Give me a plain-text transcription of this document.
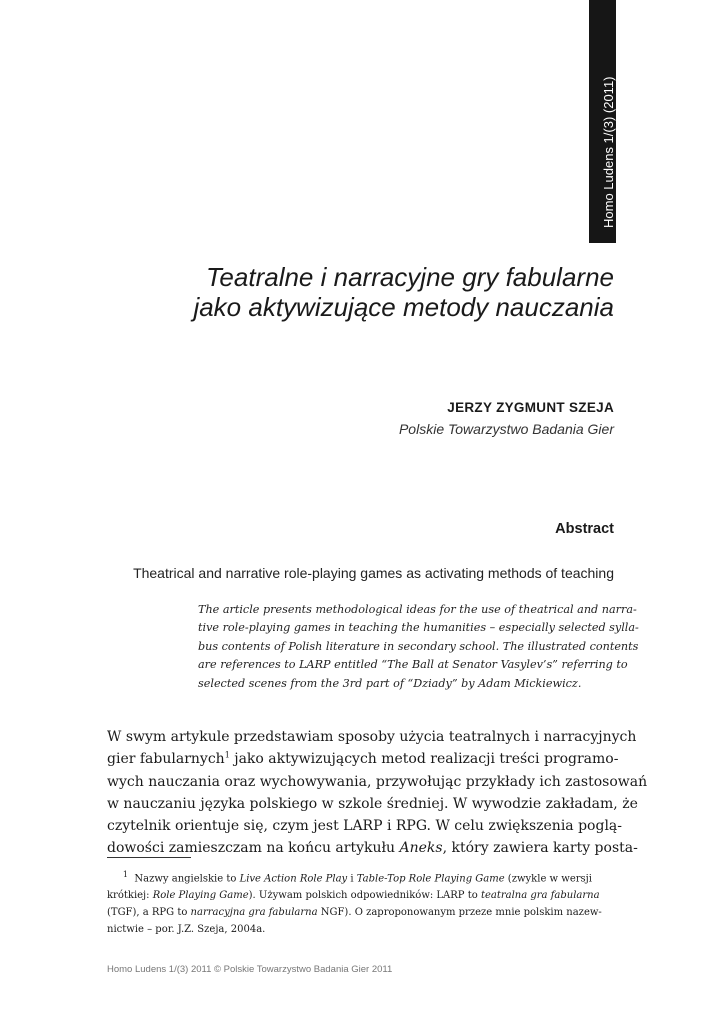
Homo Ludens 1/(3) (2011)
Teatralne i narracyjne gry fabularne
jako aktywizujące metody nauczania
JERZY ZYGMUNT SZEJA
Polskie Towarzystwo Badania Gier
Abstract
Theatrical and narrative role-playing games as activating methods of teaching
The article presents methodological ideas for the use of theatrical and narra-
tive role-playing games in teaching the humanities – especially selected sylla-
bus contents of Polish literature in secondary school. The illustrated contents
are references to LARP entitled “The Ball at Senator Vasylev’s” referring to
selected scenes from the 3rd part of “Dziady” by Adam Mickiewicz.
W swym artykule przedstawiam sposoby użycia teatralnych i narracyjnych
gier fabularnych$^1$ jako aktywizujących metod realizacji treści programo-
wych nauczania oraz wychowywania, przywołując przykłady ich zastosowań
w nauczaniu języka polskiego w szkole średniej. W wywodzie zakładam, że
czytelnik orientuje się, czym jest LARP i RPG. W celu zwiększenia poglą-
dowości zamieszczam na końcu artykułu Aneks, który zawiera karty posta-
$^1$ Nazwy angielskie to Live Action Role Play i Table-Top Role Playing Game (zwykle w wersji
krótkiej: Role Playing Game). Używam polskich odpowiedników: LARP to teatralna gra fabularna
(TGF), a RPG to narracyjna gra fabularna NGF). O zaproponowanym przeze mnie polskim nazew-
nictwie – por. J.Z. Szeja, 2004a.
Homo Ludens 1/(3) 2011 © Polskie Towarzystwo Badania Gier 2011
